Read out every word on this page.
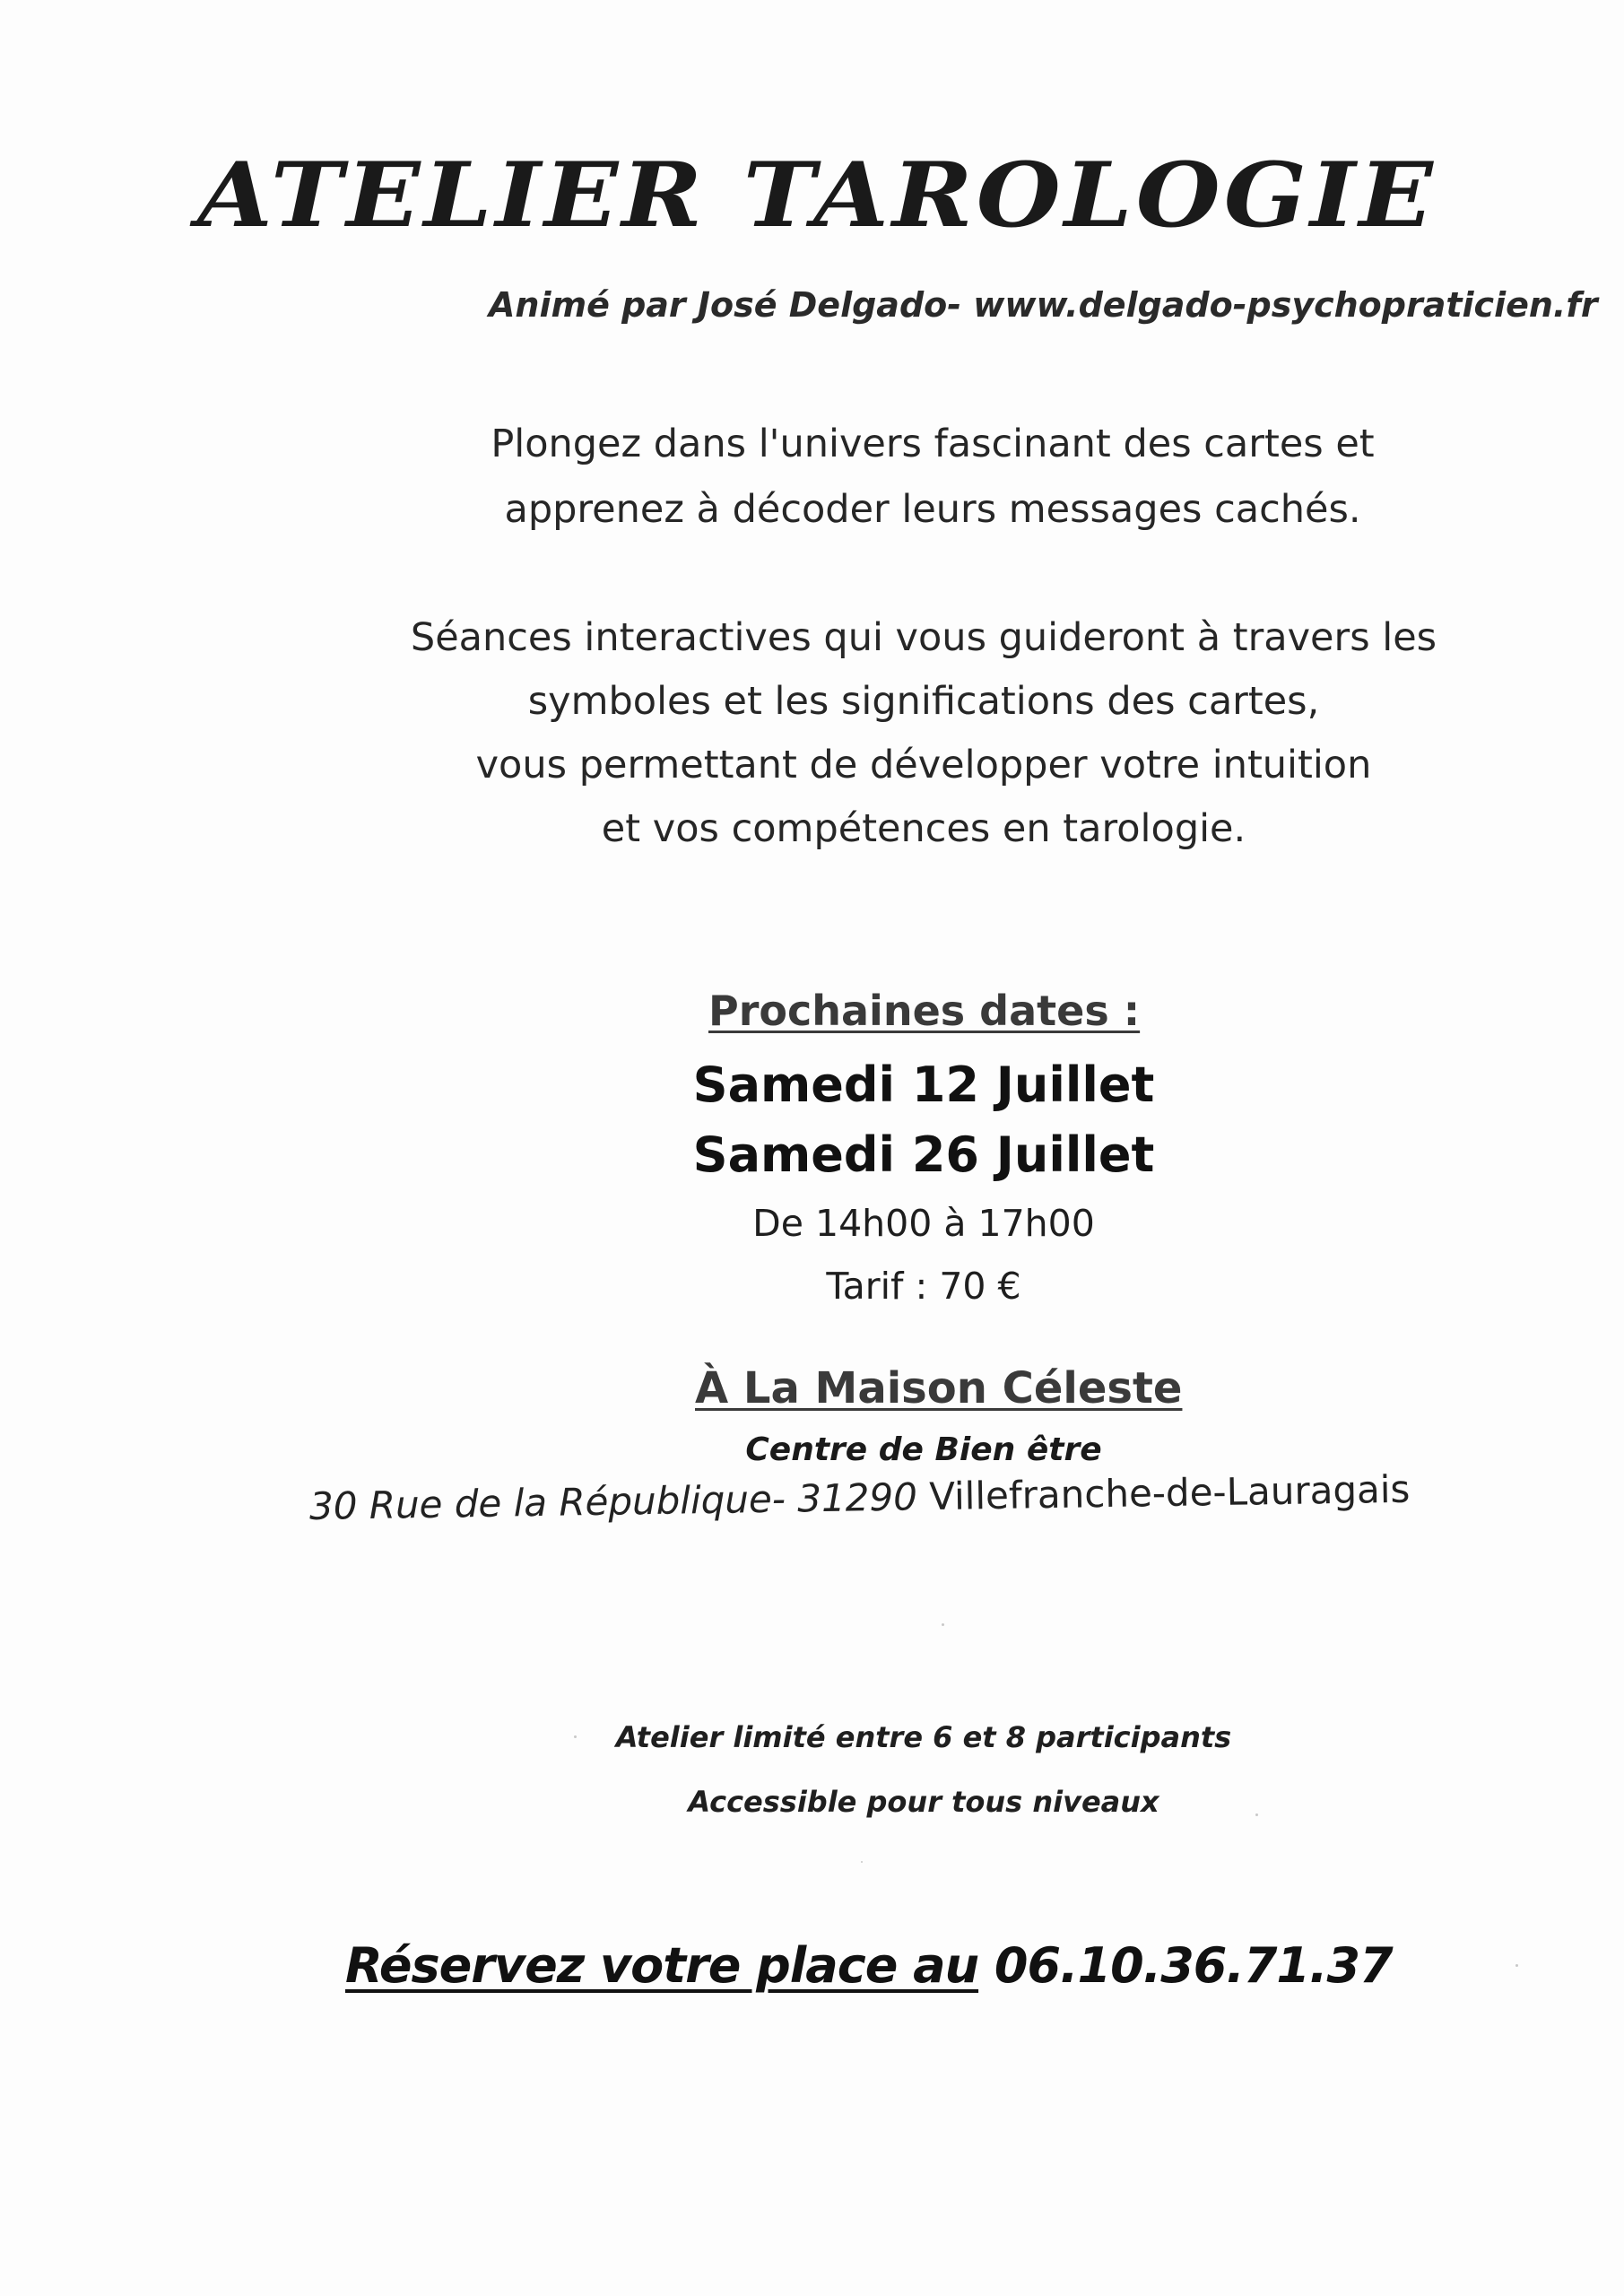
ATELIER TAROLOGIE
Animé par José Delgado- www.delgado-psychopraticien.fr
Plongez dans l'univers fascinant des cartes et
apprenez à décoder leurs messages cachés.
Séances interactives qui vous guideront à travers les
symboles et les significations des cartes,
vous permettant de développer votre intuition
et vos compétences en tarologie.
Prochaines dates :
Samedi 12 Juillet
Samedi 26 Juillet
De 14h00 à 17h00
Tarif : 70 €
À La Maison Céleste
Centre de Bien être
30 Rue de la République- 31290 Villefranche-de-Lauragais
Atelier limité entre 6 et 8 participants
Accessible pour tous niveaux
Réservez votre place au 06.10.36.71.37
